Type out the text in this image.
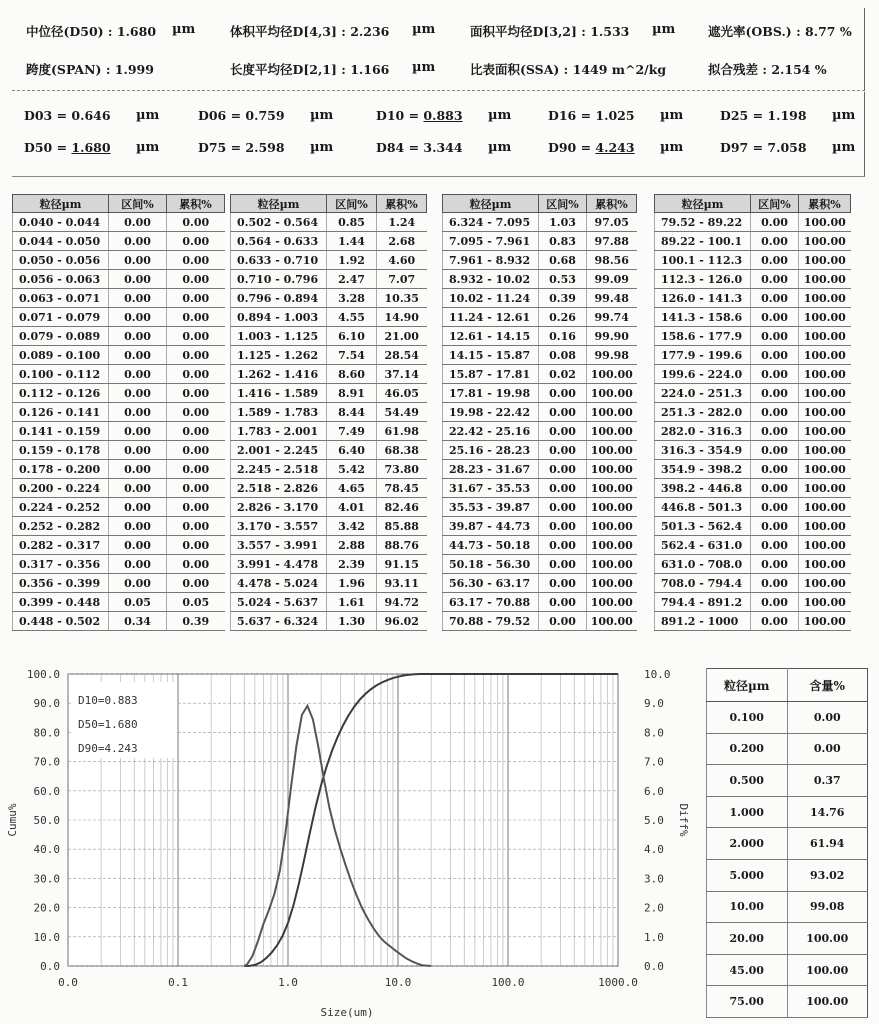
中位径(D50) : 1.680 µm	体积平均径D[4,3] : 2.236 µm	面积平均径D[3,2] : 1.533 µm	遮光率(OBS.) : 8.77 %
跨度(SPAN) : 1.999	长度平均径D[2,1] : 1.166 µm	比表面积(SSA) : 1449 m^2/kg	拟合残差 : 2.154 %
D03 = 0.646 µm	D06 = 0.759 µm	D10 = 0.883 µm	D16 = 1.025 µm	D25 = 1.198 µm
D50 = 1.680 µm	D75 = 2.598 µm	D84 = 3.344 µm	D90 = 4.243 µm	D97 = 7.058 µm
粒径µm	区间%	累积%
0.040 - 0.044	0.00	0.00
0.044 - 0.050	0.00	0.00
0.050 - 0.056	0.00	0.00
0.056 - 0.063	0.00	0.00
0.063 - 0.071	0.00	0.00
0.071 - 0.079	0.00	0.00
0.079 - 0.089	0.00	0.00
0.089 - 0.100	0.00	0.00
0.100 - 0.112	0.00	0.00
0.112 - 0.126	0.00	0.00
0.126 - 0.141	0.00	0.00
0.141 - 0.159	0.00	0.00
0.159 - 0.178	0.00	0.00
0.178 - 0.200	0.00	0.00
0.200 - 0.224	0.00	0.00
0.224 - 0.252	0.00	0.00
0.252 - 0.282	0.00	0.00
0.282 - 0.317	0.00	0.00
0.317 - 0.356	0.00	0.00
0.356 - 0.399	0.00	0.00
0.399 - 0.448	0.05	0.05
0.448 - 0.502	0.34	0.39
粒径µm	区间%	累积%
0.502 - 0.564	0.85	1.24
0.564 - 0.633	1.44	2.68
0.633 - 0.710	1.92	4.60
0.710 - 0.796	2.47	7.07
0.796 - 0.894	3.28	10.35
0.894 - 1.003	4.55	14.90
1.003 - 1.125	6.10	21.00
1.125 - 1.262	7.54	28.54
1.262 - 1.416	8.60	37.14
1.416 - 1.589	8.91	46.05
1.589 - 1.783	8.44	54.49
1.783 - 2.001	7.49	61.98
2.001 - 2.245	6.40	68.38
2.245 - 2.518	5.42	73.80
2.518 - 2.826	4.65	78.45
2.826 - 3.170	4.01	82.46
3.170 - 3.557	3.42	85.88
3.557 - 3.991	2.88	88.76
3.991 - 4.478	2.39	91.15
4.478 - 5.024	1.96	93.11
5.024 - 5.637	1.61	94.72
5.637 - 6.324	1.30	96.02
粒径µm	区间%	累积%
6.324 - 7.095	1.03	97.05
7.095 - 7.961	0.83	97.88
7.961 - 8.932	0.68	98.56
8.932 - 10.02	0.53	99.09
10.02 - 11.24	0.39	99.48
11.24 - 12.61	0.26	99.74
12.61 - 14.15	0.16	99.90
14.15 - 15.87	0.08	99.98
15.87 - 17.81	0.02	100.00
17.81 - 19.98	0.00	100.00
19.98 - 22.42	0.00	100.00
22.42 - 25.16	0.00	100.00
25.16 - 28.23	0.00	100.00
28.23 - 31.67	0.00	100.00
31.67 - 35.53	0.00	100.00
35.53 - 39.87	0.00	100.00
39.87 - 44.73	0.00	100.00
44.73 - 50.18	0.00	100.00
50.18 - 56.30	0.00	100.00
56.30 - 63.17	0.00	100.00
63.17 - 70.88	0.00	100.00
70.88 - 79.52	0.00	100.00
粒径µm	区间%	累积%
79.52 - 89.22	0.00	100.00
89.22 - 100.1	0.00	100.00
100.1 - 112.3	0.00	100.00
112.3 - 126.0	0.00	100.00
126.0 - 141.3	0.00	100.00
141.3 - 158.6	0.00	100.00
158.6 - 177.9	0.00	100.00
177.9 - 199.6	0.00	100.00
199.6 - 224.0	0.00	100.00
224.0 - 251.3	0.00	100.00
251.3 - 282.0	0.00	100.00
282.0 - 316.3	0.00	100.00
316.3 - 354.9	0.00	100.00
354.9 - 398.2	0.00	100.00
398.2 - 446.8	0.00	100.00
446.8 - 501.3	0.00	100.00
501.3 - 562.4	0.00	100.00
562.4 - 631.0	0.00	100.00
631.0 - 708.0	0.00	100.00
708.0 - 794.4	0.00	100.00
794.4 - 891.2	0.00	100.00
891.2 - 1000	0.00	100.00
0.0
10.0
20.0
30.0
40.0
50.0
60.0
70.0
80.0
90.0
100.0
0.0
1.0
2.0
3.0
4.0
5.0
6.0
7.0
8.0
9.0
10.0
0.0	0.1	1.0	10.0	100.0	1000.0
Size(um)
Cumu%	Diff%
D10=0.883
D50=1.680
D90=4.243
粒径µm	含量%
0.100	0.00
0.200	0.00
0.500	0.37
1.000	14.76
2.000	61.94
5.000	93.02
10.00	99.08
20.00	100.00
45.00	100.00
75.00	100.00
